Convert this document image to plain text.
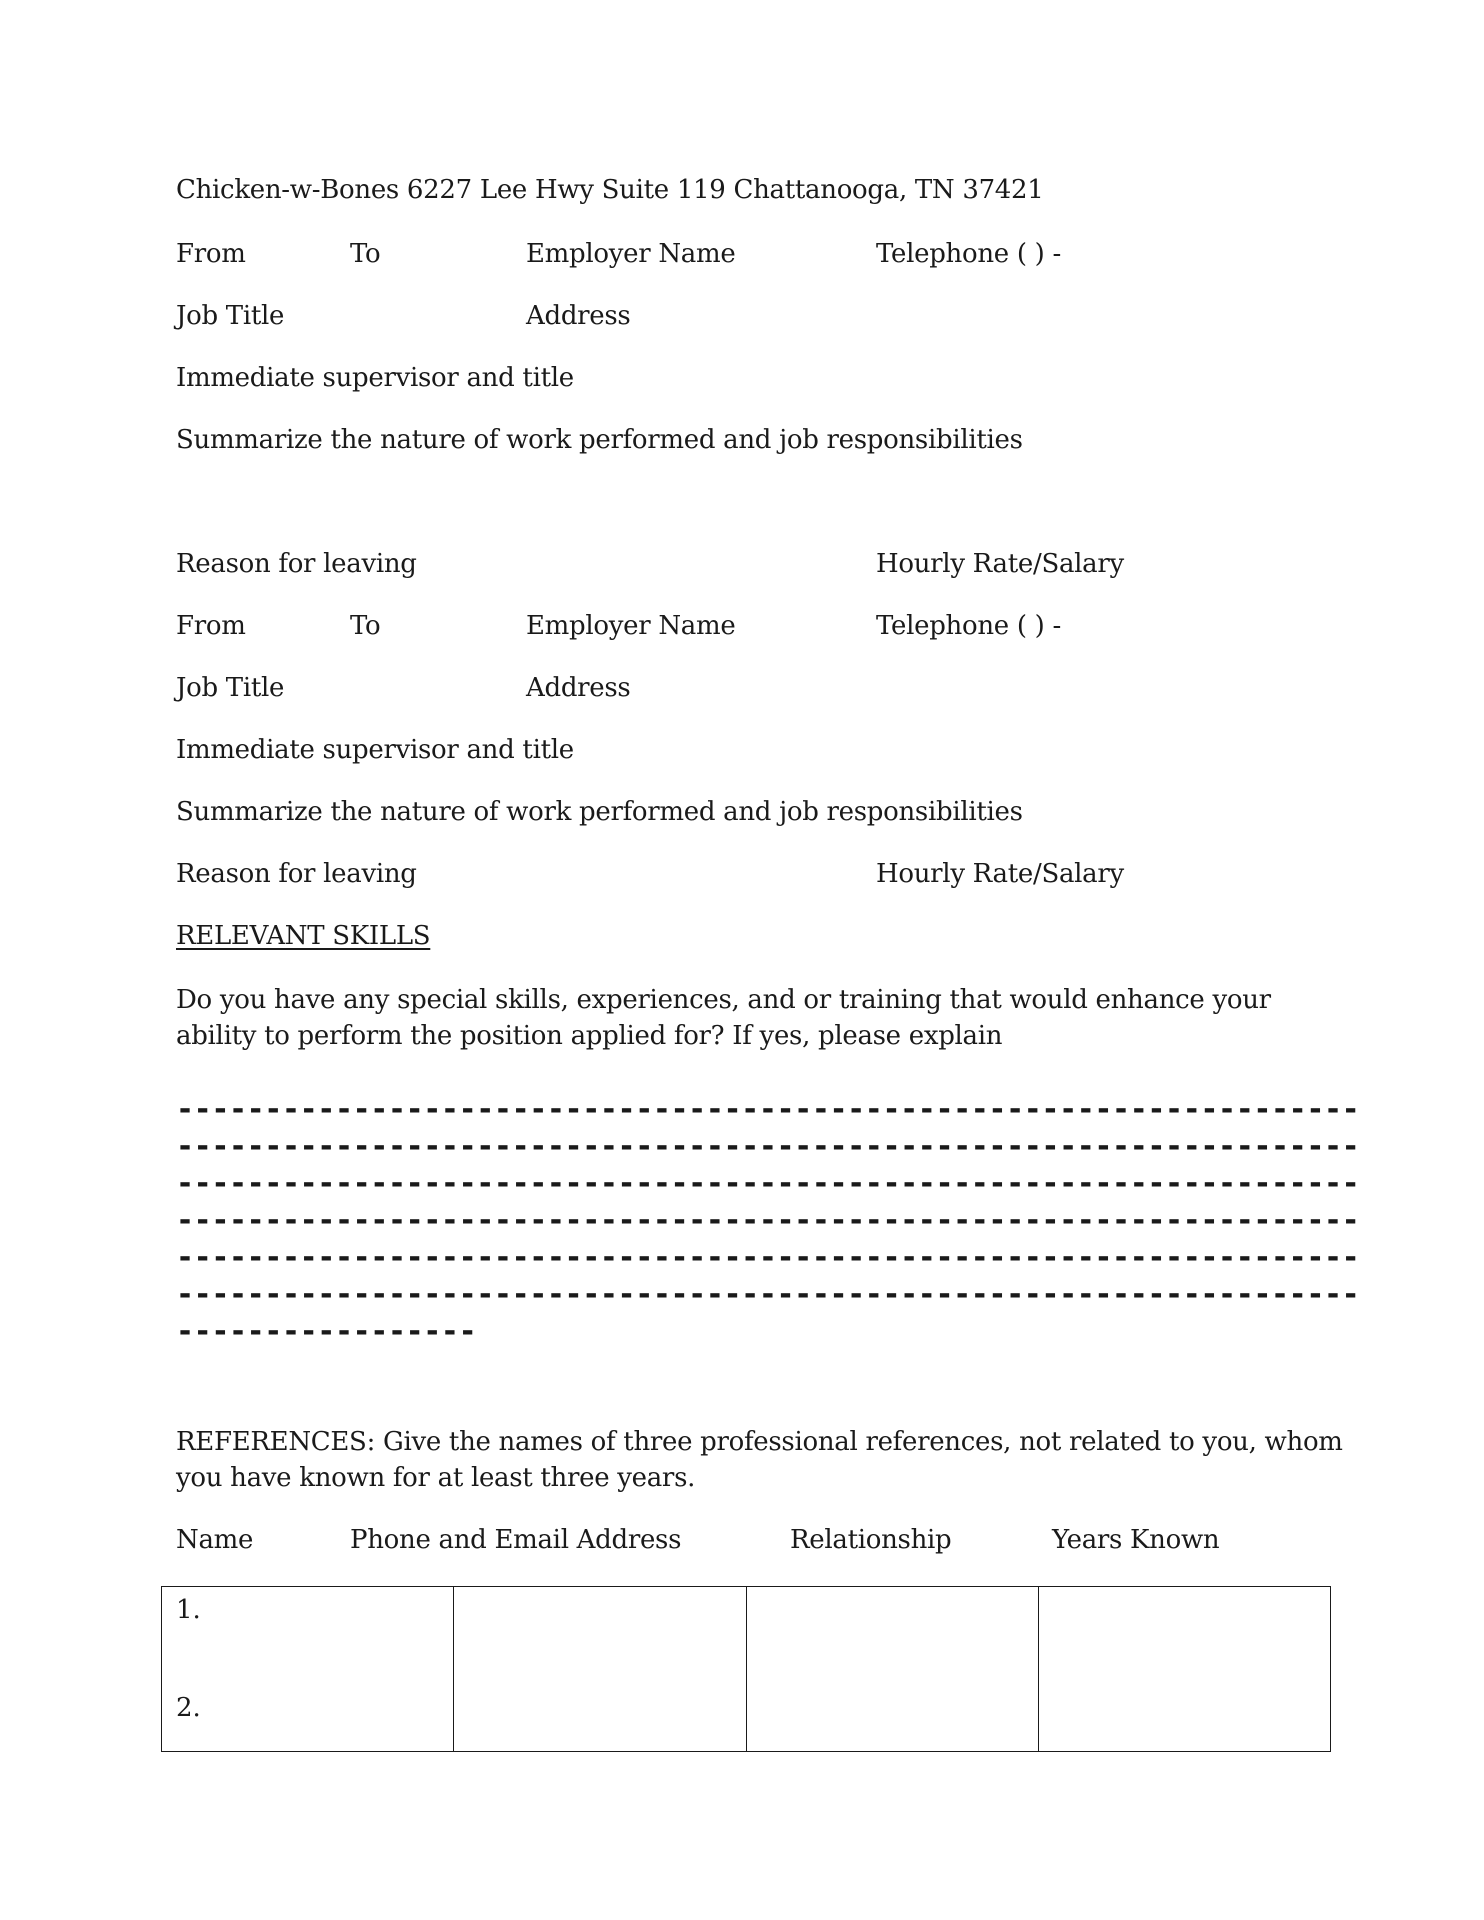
Chicken-w-Bones 6227 Lee Hwy Suite 119 Chattanooga, TN 37421
From	To	Employer Name	Telephone ( ) -
Job Title	Address
Immediate supervisor and title
Summarize the nature of work performed and job responsibilities
Reason for leaving	Hourly Rate/Salary
From	To	Employer Name	Telephone ( ) -
Job Title	Address
Immediate supervisor and title
Summarize the nature of work performed and job responsibilities
Reason for leaving	Hourly Rate/Salary
RELEVANT SKILLS
Do you have any special skills, experiences, and or training that would enhance your
ability to perform the position applied for? If yes, please explain
-------------------------------------------------------------------
-------------------------------------------------------------------
-------------------------------------------------------------------
-------------------------------------------------------------------
-------------------------------------------------------------------
-------------------------------------------------------------------
-----------------
REFERENCES: Give the names of three professional references, not related to you, whom
you have known for at least three years.
Name	Phone and Email Address	Relationship	Years Known
1.
2.
